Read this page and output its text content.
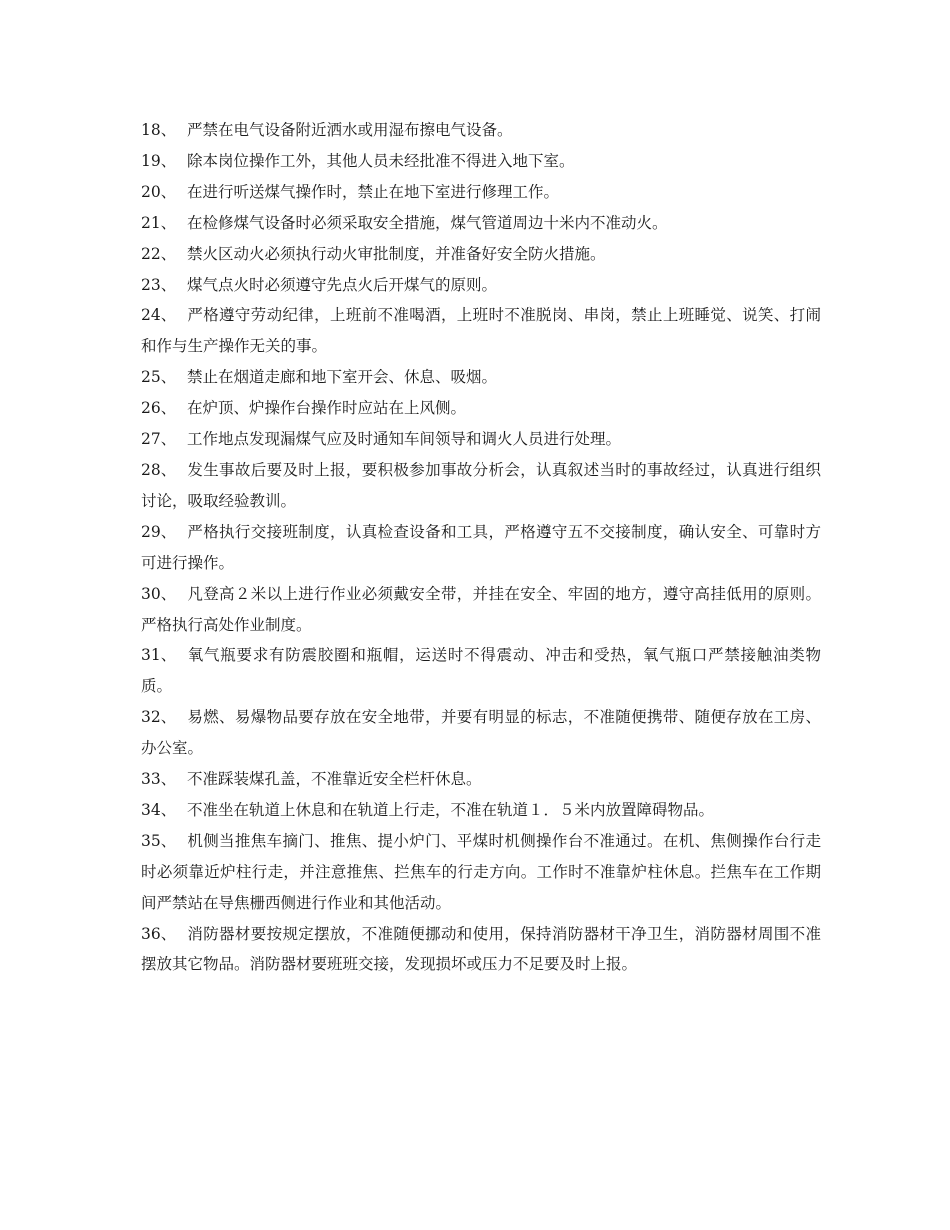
18、 严禁在电气设备附近洒水或用湿布擦电气设备。

19、 除本岗位操作工外，其他人员未经批准不得进入地下室。

20、 在进行听送煤气操作时，禁止在地下室进行修理工作。

21、 在检修煤气设备时必须采取安全措施，煤气管道周边十米内不准动火。

22、 禁火区动火必须执行动火审批制度，并准备好安全防火措施。

23、 煤气点火时必须遵守先点火后开煤气的原则。

24、 严格遵守劳动纪律，上班前不准喝酒，上班时不准脱岗、串岗，禁止上班睡觉、说笑、打闹和作与生产操作无关的事。

25、 禁止在烟道走廊和地下室开会、休息、吸烟。

26、 在炉顶、炉操作台操作时应站在上风侧。

27、 工作地点发现漏煤气应及时通知车间领导和调火人员进行处理。

28、 发生事故后要及时上报，要积极参加事故分析会，认真叙述当时的事故经过，认真进行组织讨论，吸取经验教训。

29、 严格执行交接班制度，认真检查设备和工具，严格遵守五不交接制度，确认安全、可靠时方可进行操作。

30、 凡登高２米以上进行作业必须戴安全带，并挂在安全、牢固的地方，遵守高挂低用的原则。严格执行高处作业制度。

31、 氧气瓶要求有防震胶圈和瓶帽，运送时不得震动、冲击和受热，氧气瓶口严禁接触油类物质。

32、 易燃、易爆物品要存放在安全地带，并要有明显的标志，不准随便携带、随便存放在工房、办公室。

33、 不准踩装煤孔盖，不准靠近安全栏杆休息。

34、 不准坐在轨道上休息和在轨道上行走，不准在轨道１．５米内放置障碍物品。

35、 机侧当推焦车摘门、推焦、提小炉门、平煤时机侧操作台不准通过。在机、焦侧操作台行走时必须靠近炉柱行走，并注意推焦、拦焦车的行走方向。工作时不准靠炉柱休息。拦焦车在工作期间严禁站在导焦栅西侧进行作业和其他活动。

36、 消防器材要按规定摆放，不准随便挪动和使用，保持消防器材干净卫生，消防器材周围不准摆放其它物品。消防器材要班班交接，发现损坏或压力不足要及时上报。
